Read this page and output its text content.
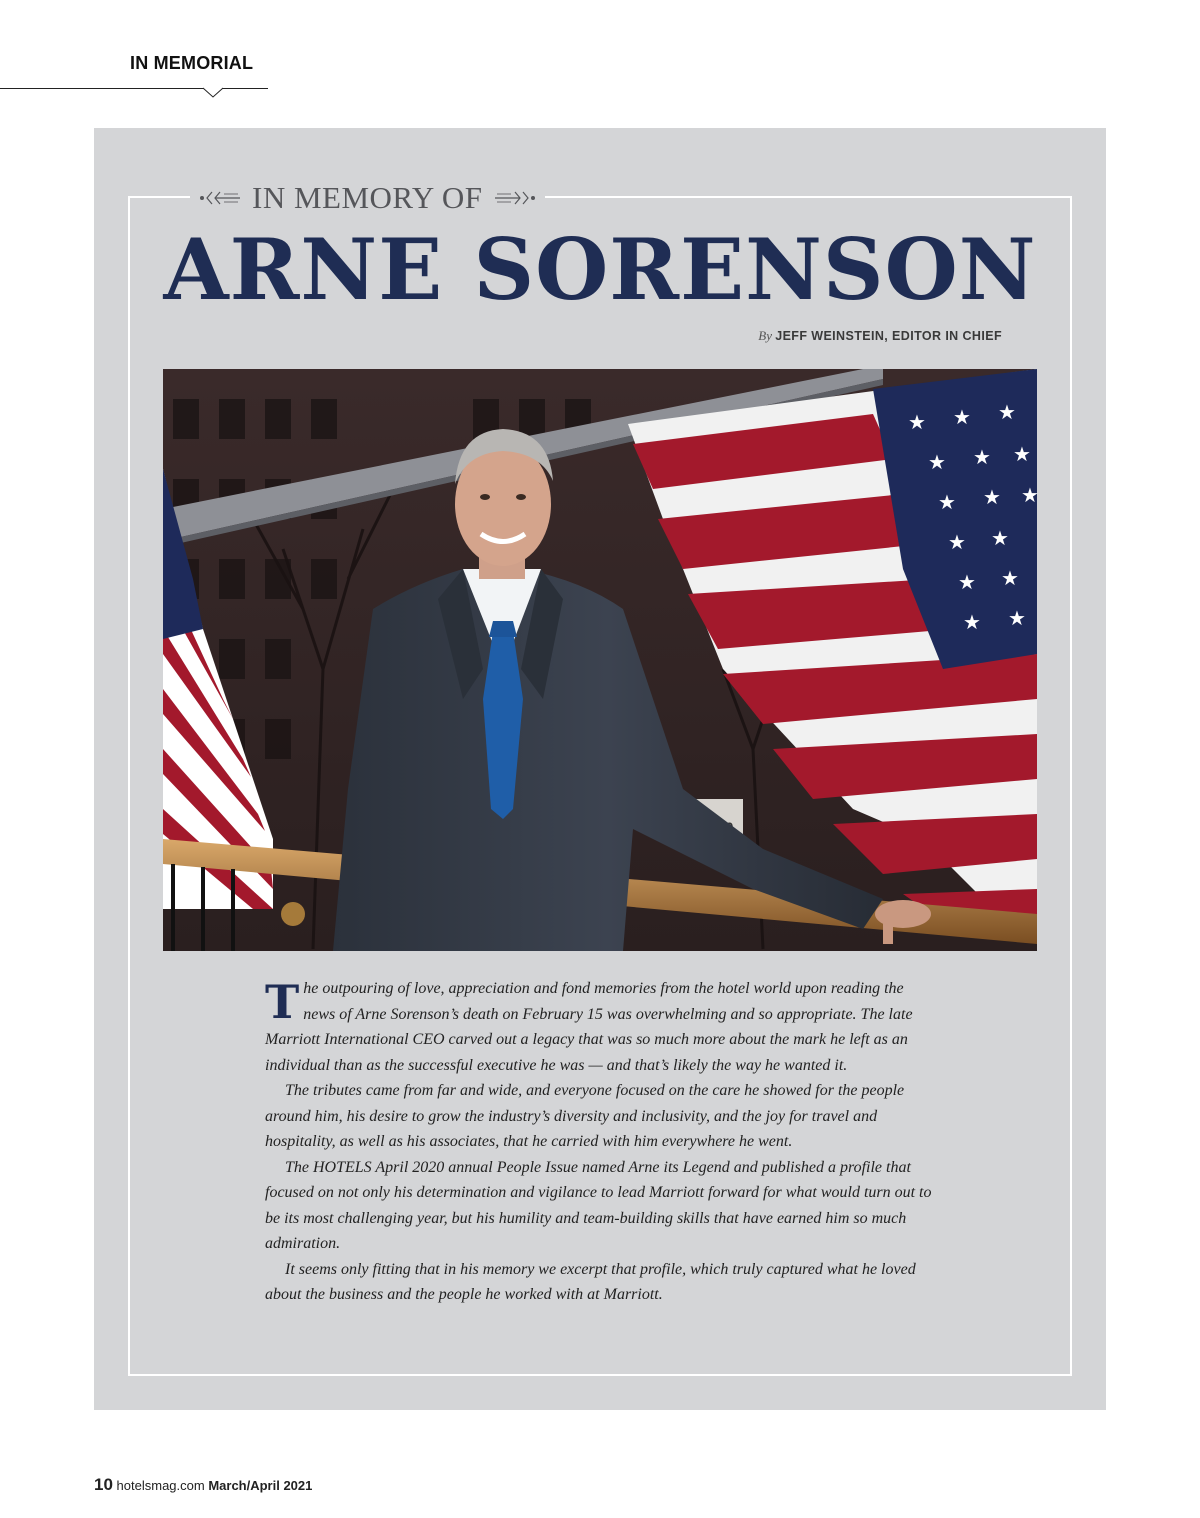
IN MEMORIAL
IN MEMORY OF
ARNE SORENSON
By JEFF WEINSTEIN, EDITOR IN CHIEF
★ ★ ★
★ ★ ★
★ ★ ★
★ ★
★ ★
★ ★

The outpouring of love, appreciation and fond memories from the hotel world upon reading the news of Arne Sorenson’s death on February 15 was overwhelming and so appropriate. The late Marriott International CEO carved out a legacy that was so much more about the mark he left as an individual than as the successful executive he was — and that’s likely the way he wanted it.

The tributes came from far and wide, and everyone focused on the care he showed for the people around him, his desire to grow the industry’s diversity and inclusivity, and the joy for travel and hospitality, as well as his associates, that he carried with him everywhere he went.

The HOTELS April 2020 annual People Issue named Arne its Legend and published a profile that focused on not only his determination and vigilance to lead Marriott forward for what would turn out to be its most challenging year, but his humility and team-building skills that have earned him so much admiration.

It seems only fitting that in his memory we excerpt that profile, which truly captured what he loved about the business and the people he worked with at Marriott.

10 hotelsmag.com March/April 2021
